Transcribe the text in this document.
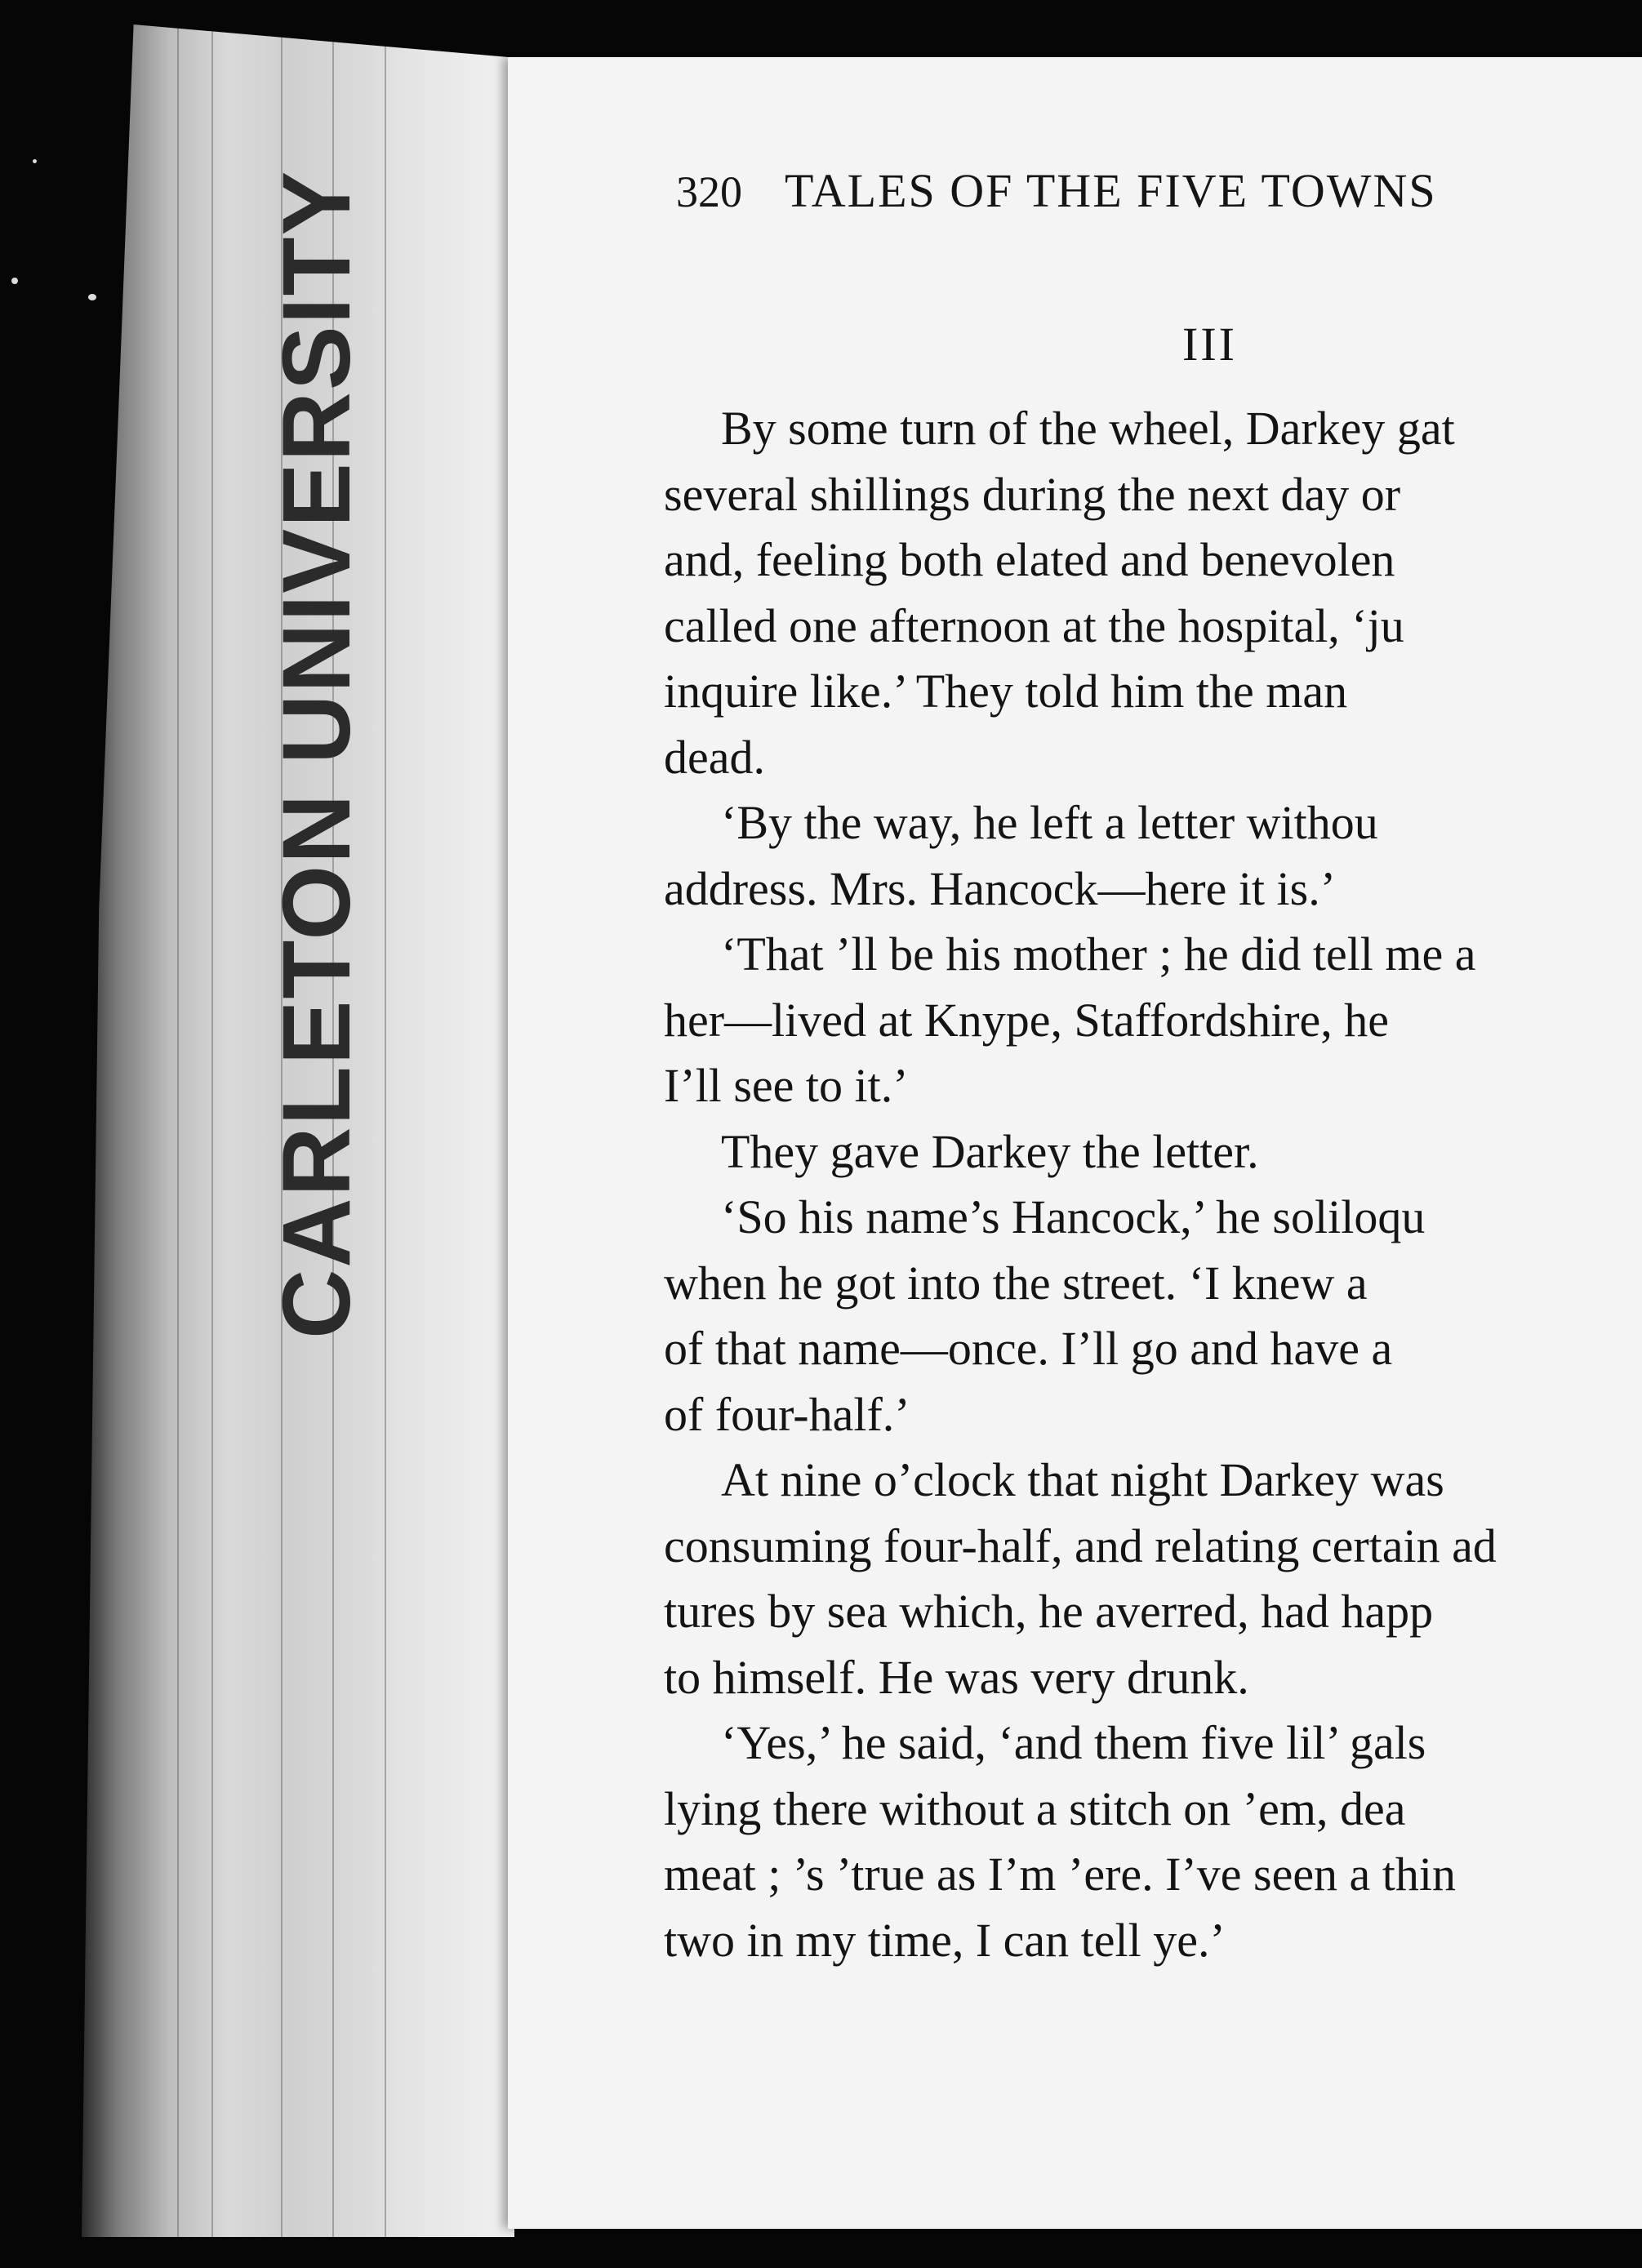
CARLETON UNIVERSITY	320 TALES OF THE FIVE TOWNS
III
By some turn of the wheel, Darkey gat
several shillings during the next day or
and, feeling both elated and benevolen
called one afternoon at the hospital, ‘ju
inquire like.’ They told him the man
dead.
‘By the way, he left a letter withou
address. Mrs. Hancock—here it is.’
‘That ’ll be his mother ; he did tell me a
her—lived at Knype, Staffordshire, he
I’ll see to it.’
They gave Darkey the letter.
‘So his name’s Hancock,’ he soliloqu
when he got into the street. ‘I knew a
of that name—once. I’ll go and have a
of four-half.’
At nine o’clock that night Darkey was
consuming four-half, and relating certain ad
tures by sea which, he averred, had happ
to himself. He was very drunk.
‘Yes,’ he said, ‘and them five lil’ gals
lying there without a stitch on ’em, dea
meat ; ’s ’true as I’m ’ere. I’ve seen a thin
two in my time, I can tell ye.’
